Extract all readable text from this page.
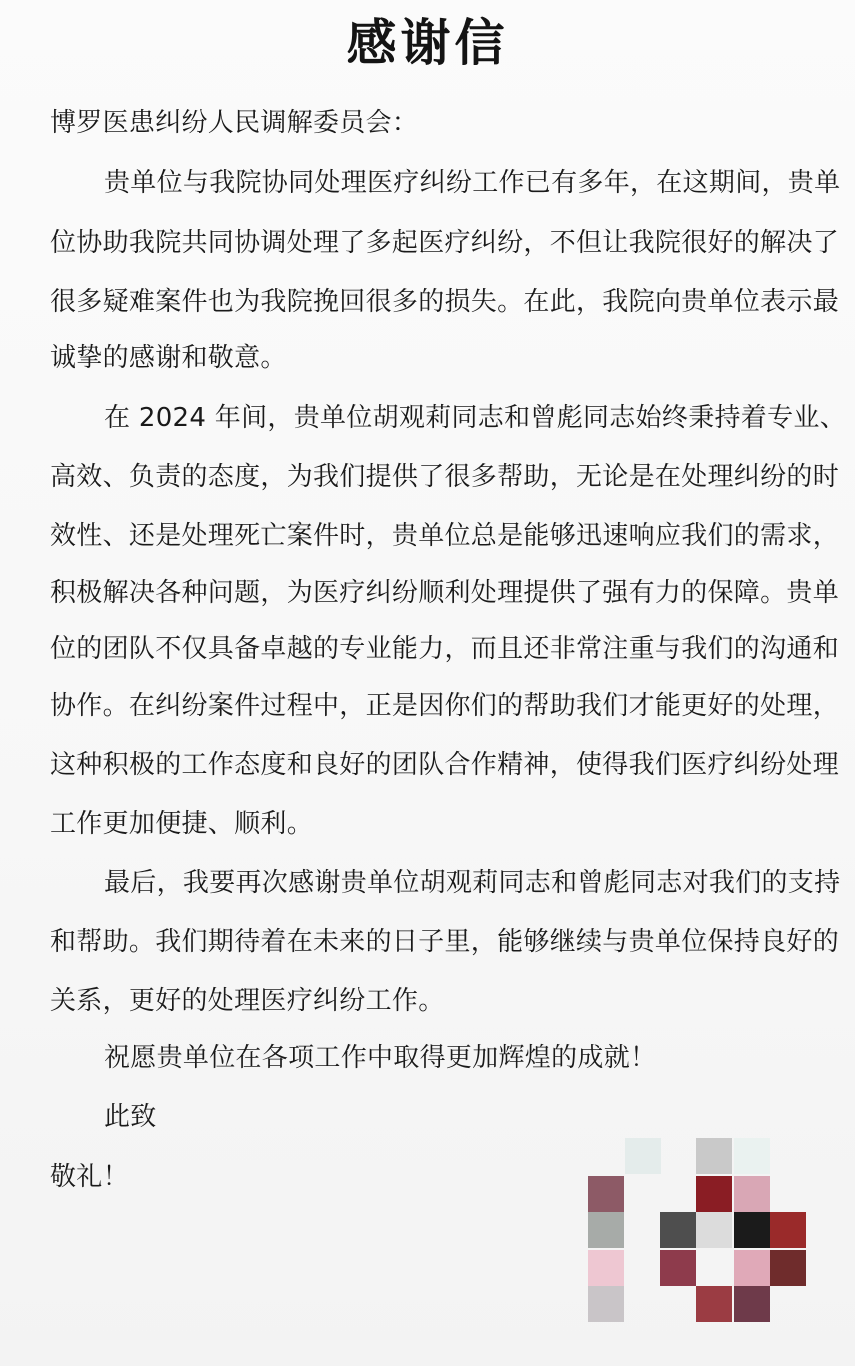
感谢信
博罗医患纠纷人民调解委员会：
贵单位与我院协同处理医疗纠纷工作已有多年，在这期间，贵单
位协助我院共同协调处理了多起医疗纠纷，不但让我院很好的解决了
很多疑难案件也为我院挽回很多的损失。在此，我院向贵单位表示最
诚挚的感谢和敬意。
在 2024 年间，贵单位胡观莉同志和曾彪同志始终秉持着专业、
高效、负责的态度，为我们提供了很多帮助，无论是在处理纠纷的时
效性、还是处理死亡案件时，贵单位总是能够迅速响应我们的需求，
积极解决各种问题，为医疗纠纷顺利处理提供了强有力的保障。贵单
位的团队不仅具备卓越的专业能力，而且还非常注重与我们的沟通和
协作。在纠纷案件过程中，正是因你们的帮助我们才能更好的处理，
这种积极的工作态度和良好的团队合作精神，使得我们医疗纠纷处理
工作更加便捷、顺利。
最后，我要再次感谢贵单位胡观莉同志和曾彪同志对我们的支持
和帮助。我们期待着在未来的日子里，能够继续与贵单位保持良好的
关系，更好的处理医疗纠纷工作。
祝愿贵单位在各项工作中取得更加辉煌的成就！
此致
敬礼！
